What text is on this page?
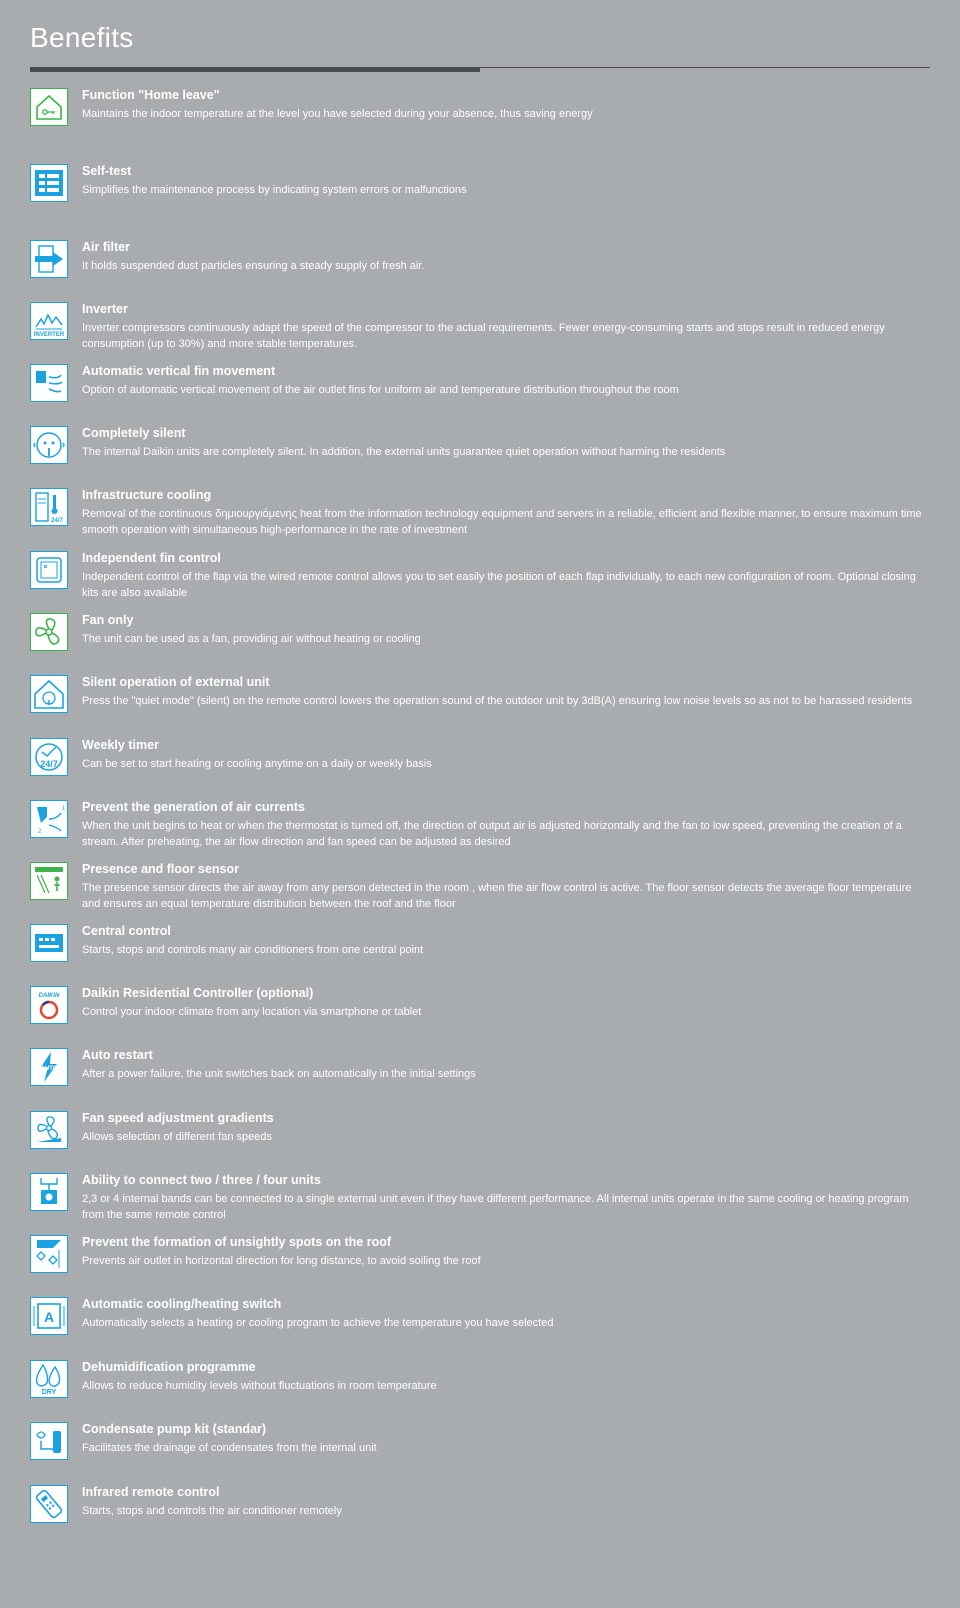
Benefits
Function "Home leave"
Maintains the indoor temperature at the level you have selected during your absence, thus saving energy
Self-test
Simplifies the maintenance process by indicating system errors or malfunctions
Air filter
It holds suspended dust particles ensuring a steady supply of fresh air.
INVERTER
Inverter
Inverter compressors continuously adapt the speed of the compressor to the actual requirements. Fewer energy-consuming starts and stops result in reduced energy consumption (up to 30%) and more stable temperatures.
Automatic vertical fin movement
Option of automatic vertical movement of the air outlet fins for uniform air and temperature distribution throughout the room
Completely silent
The internal Daikin units are completely silent. In addition, the external units guarantee quiet operation without harming the residents
24/7
Infrastructure cooling
Removal of the continuous δημιουργιόμενης heat from the information technology equipment and servers in a reliable, efficient and flexible manner, to ensure maximum time smooth operation with simultaneous high-performance in the rate of investment
Independent fin control
Independent control of the flap via the wired remote control allows you to set easily the position of each flap individually, to each new configuration of room. Optional closing kits are also available
Fan only
The unit can be used as a fan, providing air without heating or cooling
Silent operation of external unit
Press the "quiet mode" (silent) on the remote control lowers the operation sound of the outdoor unit by 3dB(A) ensuring low noise levels so as not to be harassed residents
24/7
Weekly timer
Can be set to start heating or cooling anytime on a daily or weekly basis
1
2
Prevent the generation of air currents
When the unit begins to heat or when the thermostat is turned off, the direction of output air is adjusted horizontally and the fan to low speed, preventing the creation of a stream. After preheating, the air flow direction and fan speed can be adjusted as desired
Presence and floor sensor
The presence sensor directs the air away from any person detected in the room , when the air flow control is active. The floor sensor detects the average floor temperature and ensures an equal temperature distribution between the roof and the floor
Central control
Starts, stops and controls many air conditioners from one central point
DAIKIN Daikin Residential Controller (optional)
Control your indoor climate from any location via smartphone or tablet
AUTO
Auto restart
After a power failure, the unit switches back on automatically in the initial settings
Fan speed adjustment gradients
Allows selection of different fan speeds
Ability to connect two / three / four units
2,3 or 4 internal bands can be connected to a single external unit even if they have different performance. All internal units operate in the same cooling or heating program from the same remote control
Prevent the formation of unsightly spots on the roof
Prevents air outlet in horizontal direction for long distance, to avoid soiling the roof
A
Automatic cooling/heating switch
Automatically selects a heating or cooling program to achieve the temperature you have selected
DRY
Dehumidification programme
Allows to reduce humidity levels without fluctuations in room temperature
Condensate pump kit (standar)
Facilitates the drainage of condensates from the internal unit
Infrared remote control
Starts, stops and controls the air conditioner remotely
